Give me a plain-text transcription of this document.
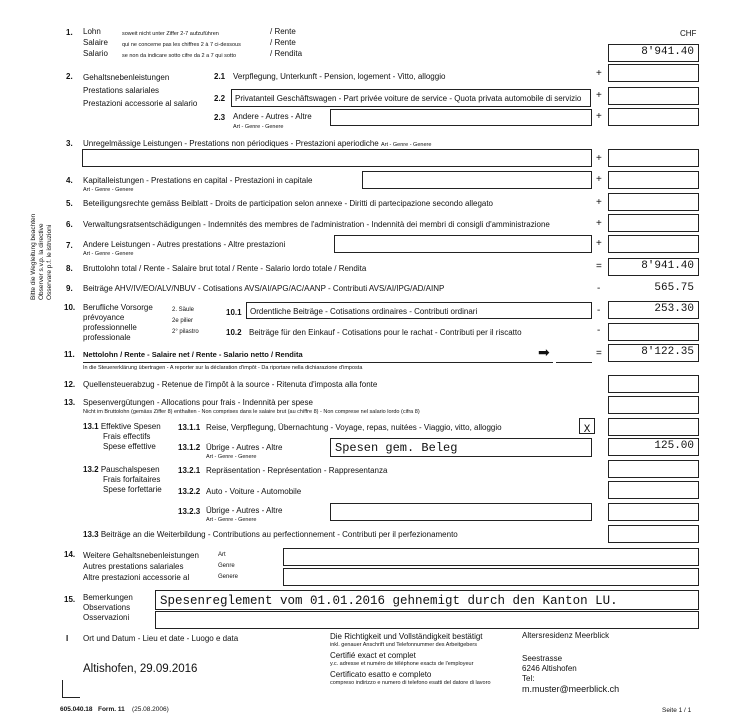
Bitte die Wegleitung beachten Observer s.v.p. la directive Osservare p.f. le istruzioni
CHF
1. Lohn
Salaire
Salario
soweit nicht unter Ziffer 2-7 aufzuführen
qui ne concerne pas les chiffres 2 à 7 ci-dessous
se non da indicare sotto cifre da 2 a 7 qui sotto
/ Rente
/ Rente
/ Rendita	8'941.40
2. Gehaltsnebenleistungen
Prestations salariales
Prestazioni accessorie al salario
2.1 Verpflegung, Unterkunft - Pension, logement - Vitto, alloggio	+
2.2 Privatanteil Geschäftswagen - Part privée voiture de service - Quota privata automobile di servizio +
2.3 Andere - Autres - Altre
Art - Genre - Genere
+
3. Unregelmässige Leistungen - Prestations non périodiques - Prestazioni aperiodiche Art - Genre - Genere
+
4. Kapitalleistungen - Prestations en capital - Prestazioni in capitale
Art - Genre - Genere
+
5. Beteiligungsrechte gemäss Beiblatt - Droits de participation selon annexe - Diritti di partecipazione secondo allegato	+
6. Verwaltungsratsentschädigungen - Indemnités des membres de l'administration - Indennità dei membri di consigli d'amministrazione	+
7. Andere Leistungen - Autres prestations - Altre prestazioni
Art - Genre - Genere
+
8. Bruttolohn total / Rente - Salaire brut total / Rente - Salario lordo totale / Rendita	=	8'941.40
9. Beiträge AHV/IV/EO/ALV/NBUV - Cotisations AVS/AI/APG/AC/AANP - Contributi AVS/AI/IPG/AD/AINP	-	565.75
10. Berufliche Vorsorge
prévoyance
professionnelle
professionale
2. Säule
2e pilier
2° pilastro
10.1 Ordentliche Beiträge - Cotisations ordinaires - Contributi ordinari	-	253.30
10.2 Beiträge für den Einkauf - Cotisations pour le rachat - Contributi per il riscatto	-
11. Nettolohn / Rente - Salaire net / Rente - Salario netto / Rendita
In die Steuererklärung übertragen - A reporter sur la déclaration d'impôt - Da riportare nella dichiarazione d'imposta
➡	=	8'122.35
12. Quellensteuerabzug - Retenue de l'impôt à la source - Ritenuta d'imposta alla fonte
13. Spesenvergütungen - Allocations pour frais - Indennità per spese
Nicht im Bruttolohn (gemäss Ziffer 8) enthalten - Non comprises dans le salaire brut (au chiffre 8) - Non comprese nel salario lordo (cifra 8)
13.1 Effektive Spesen
Frais effectifs
Spese effettive
13.1.1 Reise, Verpflegung, Übernachtung - Voyage, repas, nuitées - Viaggio, vitto, alloggio	X
13.1.2 Übrige - Autres - Altre
Art - Genre - Genere
Spesen gem. Beleg	125.00
13.2 Pauschalspesen
Frais forfaitaires
Spese forfettarie
13.2.1 Repräsentation - Représentation - Rappresentanza
13.2.2 Auto - Voiture - Automobile
13.2.3 Übrige - Autres - Altre
Art - Genre - Genere
13.3 Beiträge an die Weiterbildung - Contributions au perfectionnement - Contributi per il perfezionamento
14. Weitere Gehaltsnebenleistungen
Autres prestations salariales
Altre prestazioni accessorie al
Art
Genre
Genere
15. Bemerkungen
Observations
Osservazioni
Spesenreglement vom 01.01.2016 gehnemigt durch den Kanton LU.
I Ort und Datum - Lieu et date - Luogo e data
Altishofen, 29.09.2016
Die Richtigkeit und Vollständigkeit bestätigt
inkl. genauer Anschrift und Telefonnummer des Arbeitgebers
Certifié exact et complet
y.c. adresse et numéro de téléphone exacts de l'employeur
Certificato esatto e completo
compreso indirizzo e numero di telefono esatti del datore di lavoro
Altersresidenz Meerblick
Seestrasse
6246 Altishofen
Tel:
m.muster@meerblick.ch
605.040.18 Form. 11 (25.08.2006)	Seite 1 / 1
